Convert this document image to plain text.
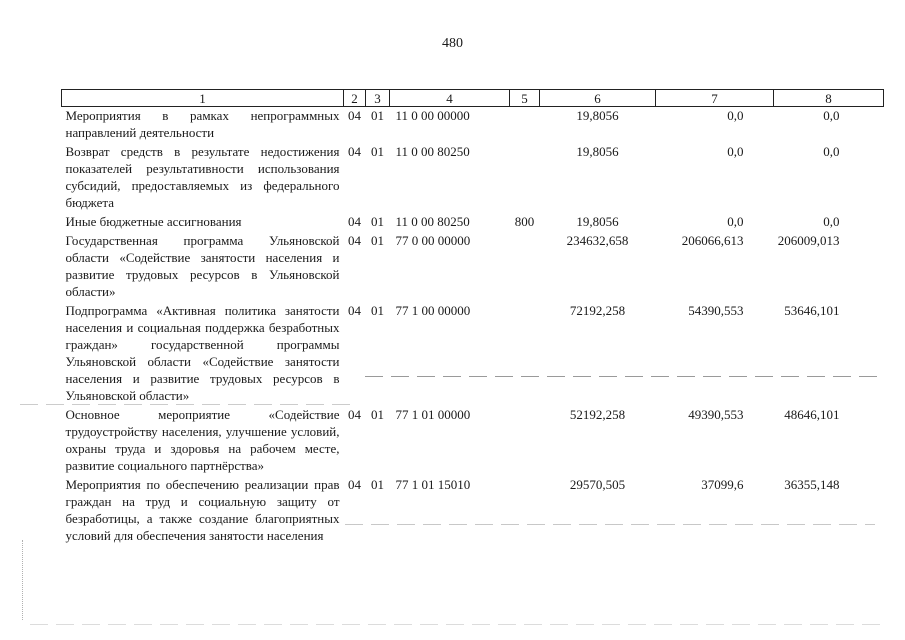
480
1	2	3	4	5	6	7	8
Мероприятия в рамках непрограммных направлений деятельности	04	01	11 0 00 00000		19,8056	0,0	0,0
Возврат средств в результате недостижения показателей результативности использования субсидий, предоставляемых из федерального бюджета	04	01	11 0 00 80250		19,8056	0,0	0,0
Иные бюджетные ассигнования	04	01	11 0 00 80250	800	19,8056	0,0	0,0
Государственная программа Ульяновской области «Содействие занятости населения и развитие трудовых ресурсов в Ульяновской области»	04	01	77 0 00 00000		234632,658	206066,613	206009,013
Подпрограмма «Активная политика занятости населения и социальная поддержка безработных граждан» государственной программы Ульяновской области «Содействие занятости населения и развитие трудовых ресурсов в Ульяновской области»	04	01	77 1 00 00000		72192,258	54390,553	53646,101
Основное мероприятие «Содействие трудоустройству населения, улучшение условий, охраны труда и здоровья на рабочем месте, развитие социального партнёрства»	04	01	77 1 01 00000		52192,258	49390,553	48646,101
Мероприятия по обеспечению реализации прав граждан на труд и социальную защиту от безработицы, а также создание благоприятных условий для обеспечения занятости населения	04	01	77 1 01 15010		29570,505	37099,6	36355,148
